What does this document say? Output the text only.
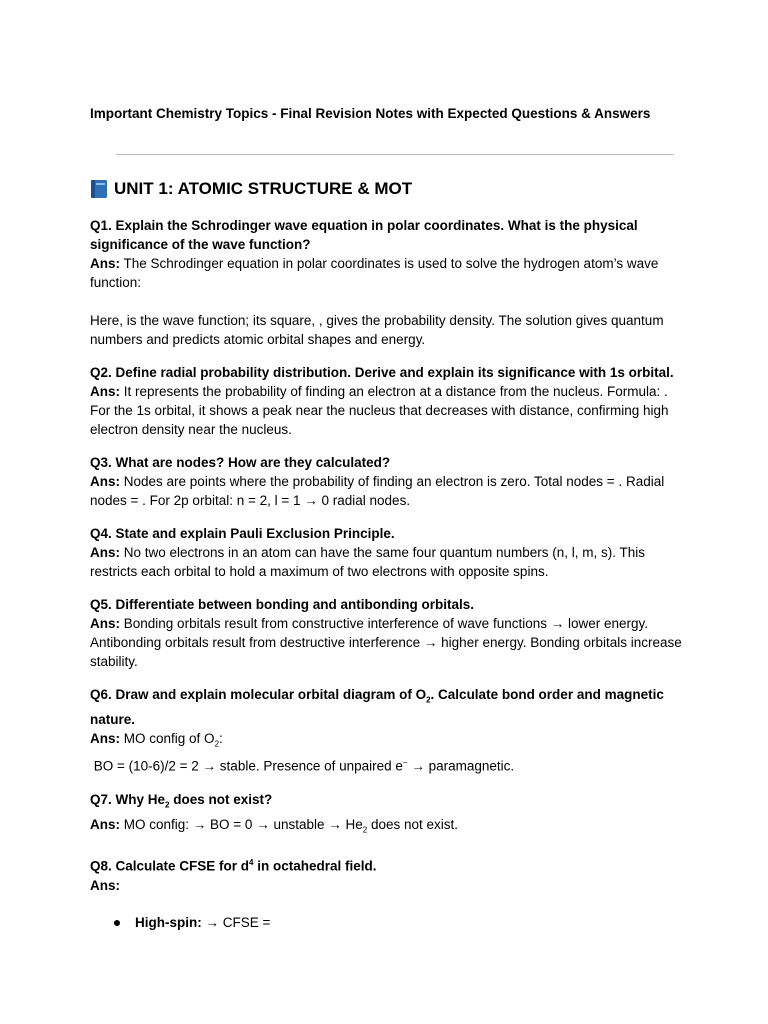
Important Chemistry Topics - Final Revision Notes with Expected Questions & Answers
UNIT 1: ATOMIC STRUCTURE & MOT

Q1. Explain the Schrodinger wave equation in polar coordinates. What is the physical significance of the wave function?

Ans: The Schrodinger equation in polar coordinates is used to solve the hydrogen atom’s wave function:

Here, is the wave function; its square, , gives the probability density. The solution gives quantum numbers and predicts atomic orbital shapes and energy.

Q2. Define radial probability distribution. Derive and explain its significance with 1s orbital.

Ans: It represents the probability of finding an electron at a distance from the nucleus. Formula: . For the 1s orbital, it shows a peak near the nucleus that decreases with distance, confirming high electron density near the nucleus.

Q3. What are nodes? How are they calculated?

Ans: Nodes are points where the probability of finding an electron is zero. Total nodes = . Radial nodes = . For 2p orbital: n = 2, l = 1 → 0 radial nodes.

Q4. State and explain Pauli Exclusion Principle.

Ans: No two electrons in an atom can have the same four quantum numbers (n, l, m, s). This restricts each orbital to hold a maximum of two electrons with opposite spins.

Q5. Differentiate between bonding and antibonding orbitals.

Ans: Bonding orbitals result from constructive interference of wave functions → lower energy. Antibonding orbitals result from destructive interference → higher energy. Bonding orbitals increase stability.

Q6. Draw and explain molecular orbital diagram of $O_2$. Calculate bond order and magnetic nature.

Ans: MO config of $O_2$:

BO = (10-6)/2 = 2 → stable. Presence of unpaired e− → paramagnetic.

Q7. Why $He_2$ does not exist?

Ans: MO config: → BO = 0 → unstable → $He_2$ does not exist.

Q8. Calculate CFSE for $d^4$ in octahedral field.

Ans:

High-spin: → CFSE =
